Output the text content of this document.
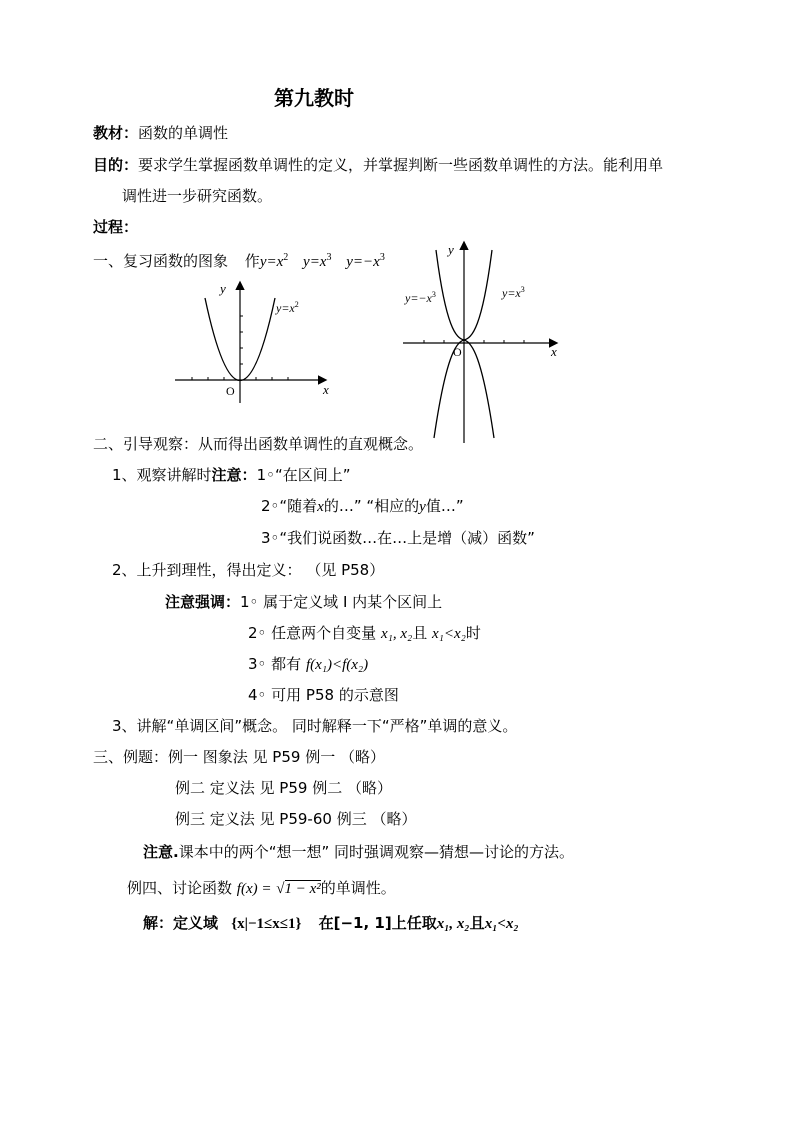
第九教时
教材：函数的单调性
目的：要求学生掌握函数单调性的定义，并掌握判断一些函数单调性的方法。能利用单
调性进一步研究函数。
过程：
一、复习函数的图象 作$y=x^2$ $y=x^3$ $y=-x^3$
y
x
O
$y=x^2$
y
x
O
$y=-x^3$	$y=x^3$
二、引导观察：从而得出函数单调性的直观概念。
1、观察讲解时注意：1◦“在区间上”
2◦“随着x的…” “相应的y值…”
3◦“我们说函数…在…上是增（减）函数”
2、上升到理性，得出定义： （见 P58）
注意强调：1◦ 属于定义域 I 内某个区间上
2◦ 任意两个自变量 x₁, x₂且 x₁<x₂时
3◦ 都有 f(x₁)<f(x₂)
4◦ 可用 P58 的示意图
3、讲解“单调区间”概念。 同时解释一下“严格”单调的意义。
三、例题：例一 图象法 见 P59 例一 （略）
例二 定义法 见 P59 例二 （略）
例三 定义法 见 P59-60 例三 （略）
注意.课本中的两个“想一想” 同时强调观察—猜想—讨论的方法。
例四、讨论函数 f(x) = √1 − x²的单调性。
解：定义域 {x|−1≤x≤1} 在[−1, 1]上任取x₁, x₂且x₁<x₂
